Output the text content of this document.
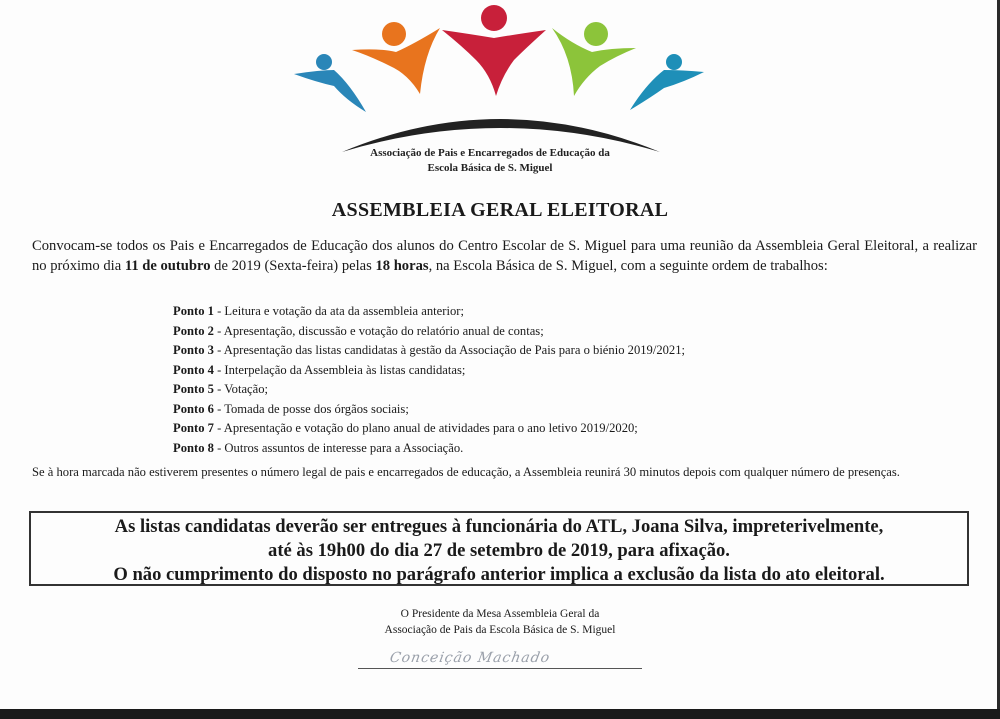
Associação de Pais e Encarregados de Educação da
Escola Básica de S. Miguel
ASSEMBLEIA GERAL ELEITORAL
Convocam-se todos os Pais e Encarregados de Educação dos alunos do Centro Escolar de S. Miguel para uma reunião da Assembleia Geral Eleitoral, a realizar no próximo dia 11 de outubro de 2019 (Sexta-feira) pelas 18 horas, na Escola Básica de S. Miguel, com a seguinte ordem de trabalhos:
Ponto 1 - Leitura e votação da ata da assembleia anterior;
Ponto 2 - Apresentação, discussão e votação do relatório anual de contas;
Ponto 3 - Apresentação das listas candidatas à gestão da Associação de Pais para o biénio 2019/2021;
Ponto 4 - Interpelação da Assembleia às listas candidatas;
Ponto 5 - Votação;
Ponto 6 - Tomada de posse dos órgãos sociais;
Ponto 7 - Apresentação e votação do plano anual de atividades para o ano letivo 2019/2020;
Ponto 8 - Outros assuntos de interesse para a Associação.
Se à hora marcada não estiverem presentes o número legal de pais e encarregados de educação, a Assembleia reunirá 30 minutos depois com qualquer número de presenças.
As listas candidatas deverão ser entregues à funcionária do ATL, Joana Silva, impreterivelmente,
até às 19h00 do dia 27 de setembro de 2019, para afixação.
O não cumprimento do disposto no parágrafo anterior implica a exclusão da lista do ato eleitoral.
O Presidente da Mesa Assembleia Geral da
Associação de Pais da Escola Básica de S. Miguel
Conceição Machado
